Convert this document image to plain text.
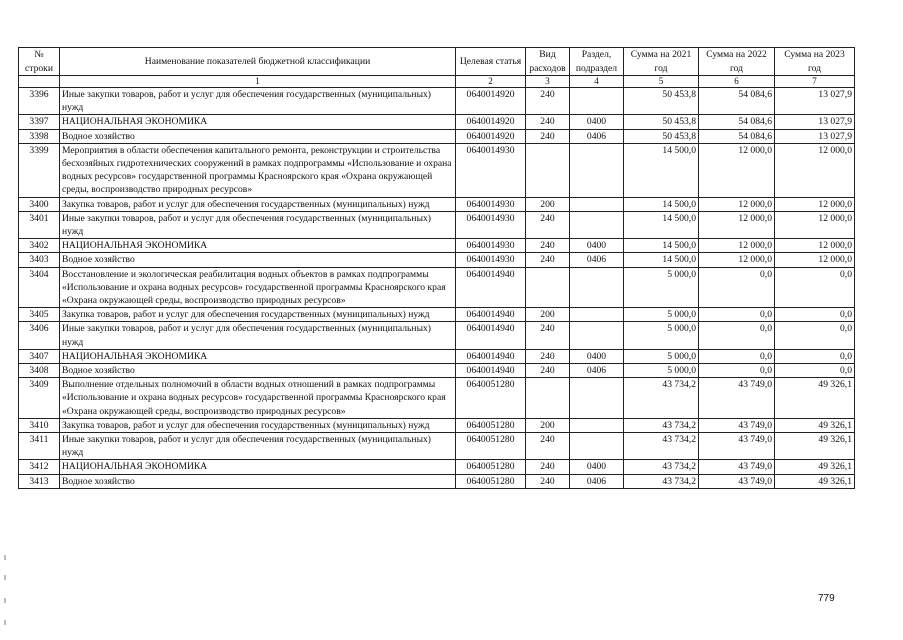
№ строки	Наименование показателей бюджетной классификации	Целевая статья	Вид расходов	Раздел, подраздел	Сумма на 2021 год	Сумма на 2022 год	Сумма на 2023 год
	1	2	3	4	5	6	7
3396	Иные закупки товаров, работ и услуг для обеспечения государственных (муниципальных) нужд	0640014920	240		50 453,8	54 084,6	13 027,9
3397	НАЦИОНАЛЬНАЯ ЭКОНОМИКА	0640014920	240	0400	50 453,8	54 084,6	13 027,9
3398	Водное хозяйство	0640014920	240	0406	50 453,8	54 084,6	13 027,9
3399	Мероприятия в области обеспечения капитального ремонта, реконструкции и строительства бесхозяйных гидротехнических сооружений в рамках подпрограммы «Использование и охрана водных ресурсов» государственной программы Красноярского края «Охрана окружающей среды, воспроизводство природных ресурсов»	0640014930			14 500,0	12 000,0	12 000,0
3400	Закупка товаров, работ и услуг для обеспечения государственных (муниципальных) нужд	0640014930	200		14 500,0	12 000,0	12 000,0
3401	Иные закупки товаров, работ и услуг для обеспечения государственных (муниципальных) нужд	0640014930	240		14 500,0	12 000,0	12 000,0
3402	НАЦИОНАЛЬНАЯ ЭКОНОМИКА	0640014930	240	0400	14 500,0	12 000,0	12 000,0
3403	Водное хозяйство	0640014930	240	0406	14 500,0	12 000,0	12 000,0
3404	Восстановление и экологическая реабилитация водных объектов в рамках подпрограммы «Использование и охрана водных ресурсов» государственной программы Красноярского края «Охрана окружающей среды, воспроизводство природных ресурсов»	0640014940			5 000,0	0,0	0,0
3405	Закупка товаров, работ и услуг для обеспечения государственных (муниципальных) нужд	0640014940	200		5 000,0	0,0	0,0
3406	Иные закупки товаров, работ и услуг для обеспечения государственных (муниципальных) нужд	0640014940	240		5 000,0	0,0	0,0
3407	НАЦИОНАЛЬНАЯ ЭКОНОМИКА	0640014940	240	0400	5 000,0	0,0	0,0
3408	Водное хозяйство	0640014940	240	0406	5 000,0	0,0	0,0
3409	Выполнение отдельных полномочий в области водных отношений в рамках подпрограммы «Использование и охрана водных ресурсов» государственной программы Красноярского края «Охрана окружающей среды, воспроизводство природных ресурсов»	0640051280			43 734,2	43 749,0	49 326,1
3410	Закупка товаров, работ и услуг для обеспечения государственных (муниципальных) нужд	0640051280	200		43 734,2	43 749,0	49 326,1
3411	Иные закупки товаров, работ и услуг для обеспечения государственных (муниципальных) нужд	0640051280	240		43 734,2	43 749,0	49 326,1
3412	НАЦИОНАЛЬНАЯ ЭКОНОМИКА	0640051280	240	0400	43 734,2	43 749,0	49 326,1
3413	Водное хозяйство	0640051280	240	0406	43 734,2	43 749,0	49 326,1
779
